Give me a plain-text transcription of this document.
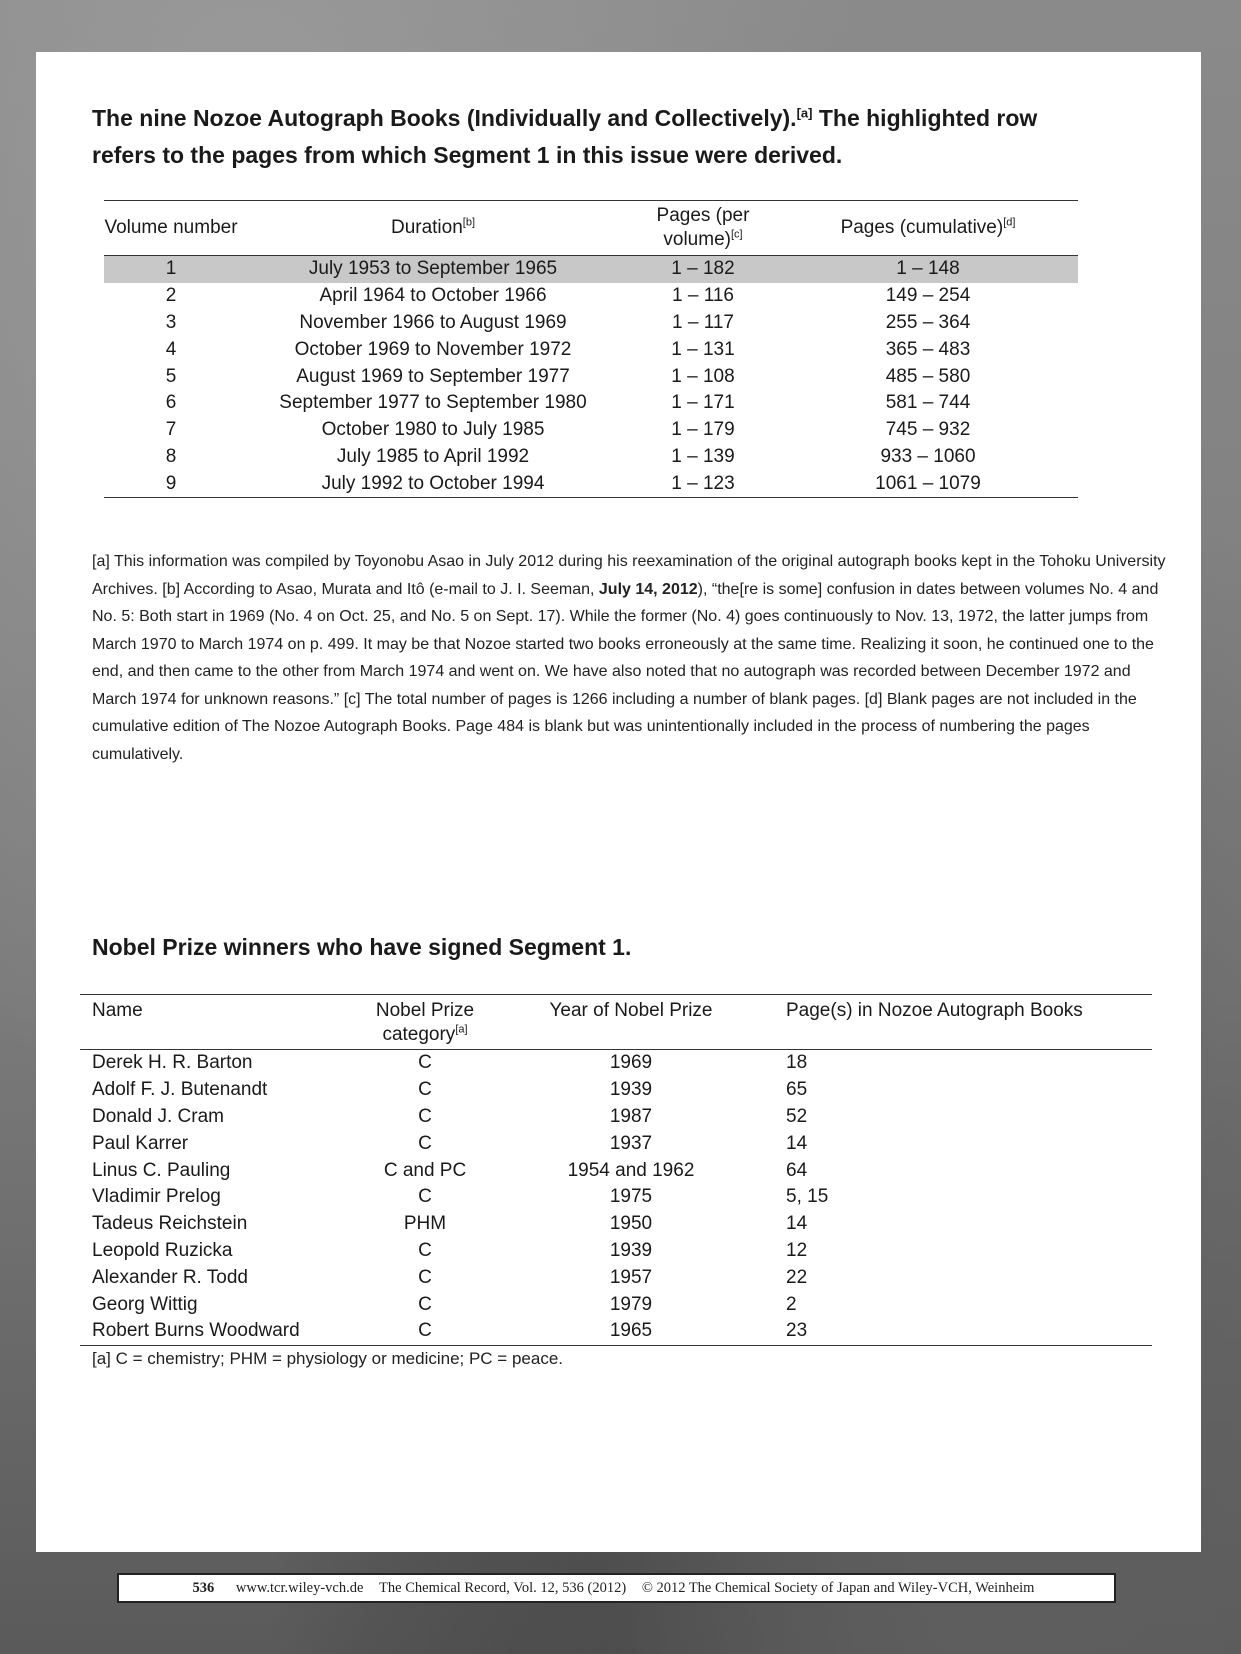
The nine Nozoe Autograph Books (Individually and Collectively).[a] The highlighted row refers to the pages from which Segment 1 in this issue were derived.
Volume number	Duration[b]	Pages (per volume)[c]	Pages (cumulative)[d]
1	July 1953 to September 1965	1 – 182	1 – 148
2	April 1964 to October 1966	1 – 116	149 – 254
3	November 1966 to August 1969	1 – 117	255 – 364
4	October 1969 to November 1972	1 – 131	365 – 483
5	August 1969 to September 1977	1 – 108	485 – 580
6	September 1977 to September 1980	1 – 171	581 – 744
7	October 1980 to July 1985	1 – 179	745 – 932
8	July 1985 to April 1992	1 – 139	933 – 1060
9	July 1992 to October 1994	1 – 123	1061 – 1079
[a] This information was compiled by Toyonobu Asao in July 2012 during his reexamination of the original autograph books kept in the Tohoku University Archives. [b] According to Asao, Murata and Itô (e-mail to J. I. Seeman, July 14, 2012), “the[re is some] confusion in dates between volumes No. 4 and No. 5: Both start in 1969 (No. 4 on Oct. 25, and No. 5 on Sept. 17). While the former (No. 4) goes continuously to Nov. 13, 1972, the latter jumps from March 1970 to March 1974 on p. 499. It may be that Nozoe started two books erroneously at the same time. Realizing it soon, he continued one to the end, and then came to the other from March 1974 and went on. We have also noted that no autograph was recorded between December 1972 and March 1974 for unknown reasons.” [c] The total number of pages is 1266 including a number of blank pages. [d] Blank pages are not included in the cumulative edition of The Nozoe Autograph Books. Page 484 is blank but was unintentionally included in the process of numbering the pages cumulatively.
Nobel Prize winners who have signed Segment 1.
Name	Nobel Prize category[a]	Year of Nobel Prize	Page(s) in Nozoe Autograph Books
Derek H. R. Barton	C	1969	18
Adolf F. J. Butenandt	C	1939	65
Donald J. Cram	C	1987	52
Paul Karrer	C	1937	14
Linus C. Pauling	C and PC	1954 and 1962	64
Vladimir Prelog	C	1975	5, 15
Tadeus Reichstein	PHM	1950	14
Leopold Ruzicka	C	1939	12
Alexander R. Todd	C	1957	22
Georg Wittig	C	1979	2
Robert Burns Woodward	C	1965	23
[a] C = chemistry; PHM = physiology or medicine; PC = peace.
536 www.tcr.wiley-vch.de The Chemical Record, Vol. 12, 536 (2012) © 2012 The Chemical Society of Japan and Wiley-VCH, Weinheim
